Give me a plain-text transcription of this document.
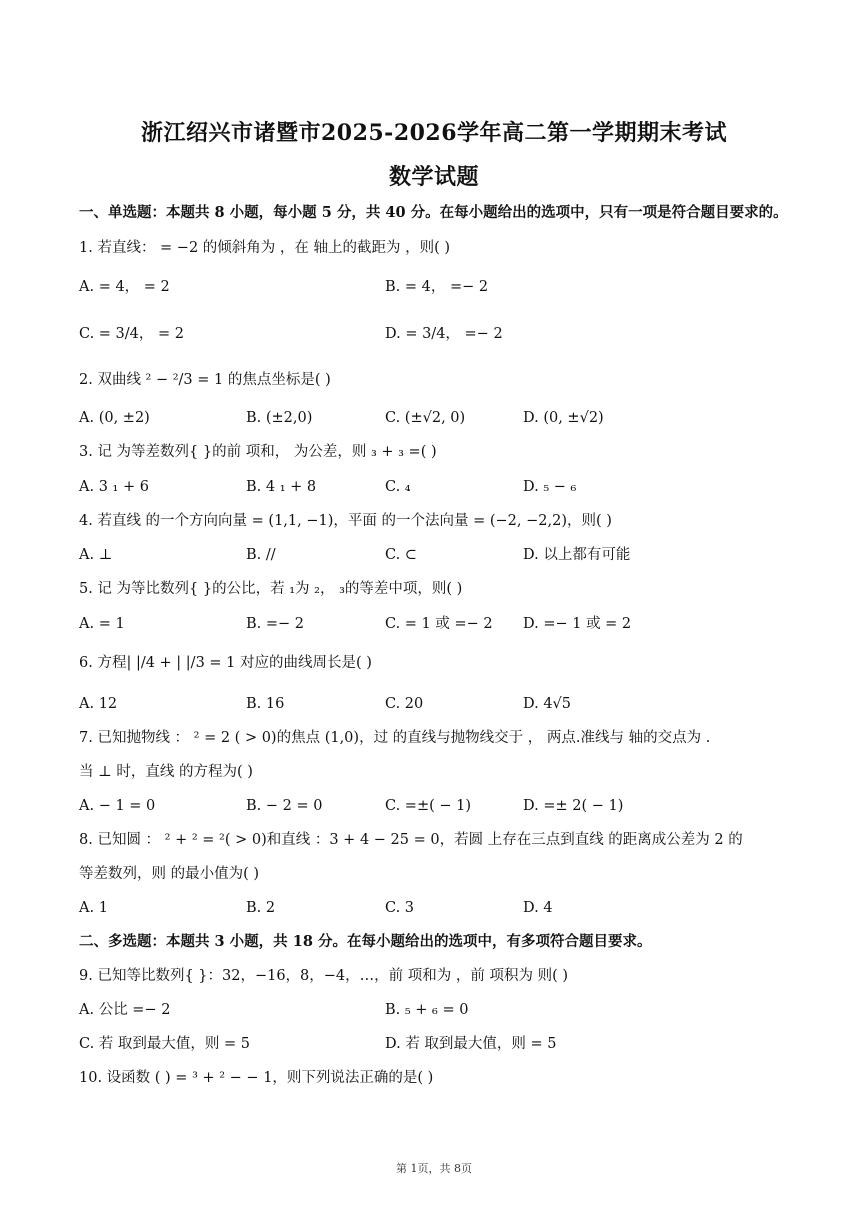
浙江绍兴市诸暨市2025-2026学年高二第一学期期末考试
数学试题
一、单选题：本题共 8 小题，每小题 5 分，共 40 分。在每小题给出的选项中，只有一项是符合题目要求的。
1. 若直线： = −2 的倾斜角为 ，在 轴上的截距为 ，则( )
A. = 4， = 2	B. = 4， =− 2
C. = 3/4， = 2	D. = 3/4， =− 2
2. 双曲线 ² − ²/3 = 1 的焦点坐标是( )
A. (0, ±2)	B. (±2,0)	C. (±√2, 0)	D. (0, ±√2)
3. 记 为等差数列{ }的前 项和， 为公差，则 ₃ + ₃ =( )
A. 3 ₁ + 6	B. 4 ₁ + 8	C. ₄	D. ₅ − ₆
4. 若直线 的一个方向向量 = (1,1, −1)，平面 的一个法向量 = (−2, −2,2)，则( )
A. ⊥	B. //	C. ⊂	D. 以上都有可能
5. 记 为等比数列{ }的公比，若 ₁为 ₂， ₃的等差中项，则( )
A. = 1	B. =− 2	C. = 1 或 =− 2 D. =− 1 或 = 2
6. 方程| |/4 + | |/3 = 1 对应的曲线周长是( )
A. 12	B. 16	C. 20	D. 4√5
7. 已知抛物线 ： ² = 2 ( > 0)的焦点 (1,0)，过 的直线与抛物线交于 ， 两点.准线与 轴的交点为 .
当 ⊥ 时，直线 的方程为( )
A. − 1 = 0	B. − 2 = 0	C. =±( − 1)	D. =± 2( − 1)
8. 已知圆 ： ² + ² = ²( > 0)和直线 ：3 + 4 − 25 = 0，若圆 上存在三点到直线 的距离成公差为 2 的
等差数列，则 的最小值为( )
A. 1	B. 2	C. 3	D. 4
二、多选题：本题共 3 小题，共 18 分。在每小题给出的选项中，有多项符合题目要求。
9. 已知等比数列{ }：32，−16，8，−4，…，前 项和为 ，前 项积为 则( )
A. 公比 =− 2	B. ₅ + ₆ = 0
C. 若 取到最大值，则 = 5	D. 若 取到最大值，则 = 5
10. 设函数 ( ) = ³ + ² − − 1，则下列说法正确的是( )
第 1页，共 8页
